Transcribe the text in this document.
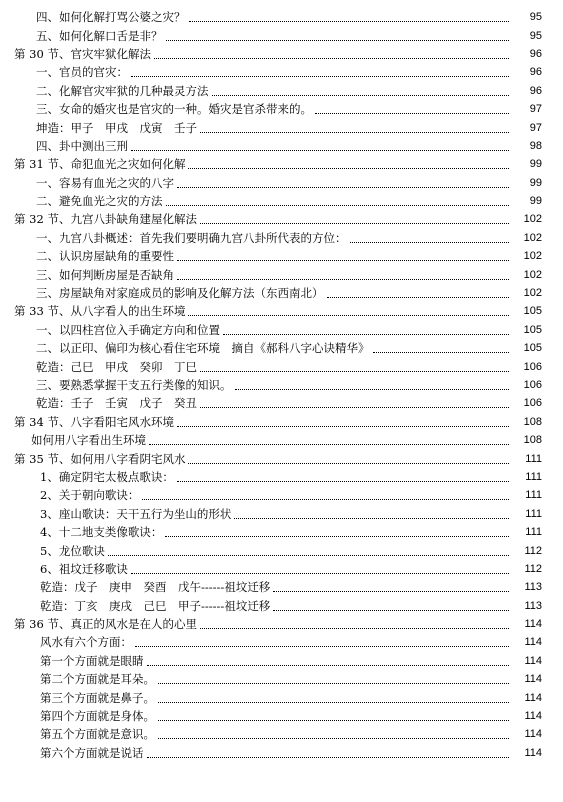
四、如何化解打骂公婆之灾？	95
五、如何化解口舌是非？	95
第 30 节、官灾牢狱化解法	96
一、官员的官灾：	96
二、化解官灾牢狱的几种最灵方法	96
三、女命的婚灾也是官灾的一种。婚灾是官杀带来的。	97
坤造：甲子　甲戌　戊寅　壬子	97
四、卦中测出三刑	98
第 31 节、命犯血光之灾如何化解	99
一、容易有血光之灾的八字	99
二、避免血光之灾的方法	99
第 32 节、九宫八卦缺角建屋化解法	102
一、九宫八卦概述：首先我们要明确九宫八卦所代表的方位：	102
二、认识房屋缺角的重要性	102
三、如何判断房屋是否缺角	102
三、房屋缺角对家庭成员的影响及化解方法（东西南北）	102
第 33 节、从八字看人的出生环境	105
一、以四柱宫位入手确定方向和位置	105
二、以正印、偏印为核心看住宅环境　摘自《郝科八字心诀精华》	105
乾造：己巳　甲戌　癸卯　丁巳	106
三、要熟悉掌握干支五行类像的知识。	106
乾造：壬子　壬寅　戊子　癸丑	106
第 34 节、八字看阳宅风水环境	108
如何用八字看出生环境	108
第 35 节、如何用八字看阴宅风水	111
1、确定阴宅太极点歌诀：	111
2、关于朝向歌诀：	111
3、座山歌诀：天干五行为坐山的形状	111
4、十二地支类像歌诀：	111
5、龙位歌诀	112
6、祖坟迁移歌诀	112
乾造：戊子　庚申　癸酉　戊午------祖坟迁移	113
乾造：丁亥　庚戌　己巳　甲子------祖坟迁移	113
第 36 节、真正的风水是在人的心里	114
风水有六个方面：	114
第一个方面就是眼睛	114
第二个方面就是耳朵。	114
第三个方面就是鼻子。	114
第四个方面就是身体。	114
第五个方面就是意识。	114
第六个方面就是说话	114
